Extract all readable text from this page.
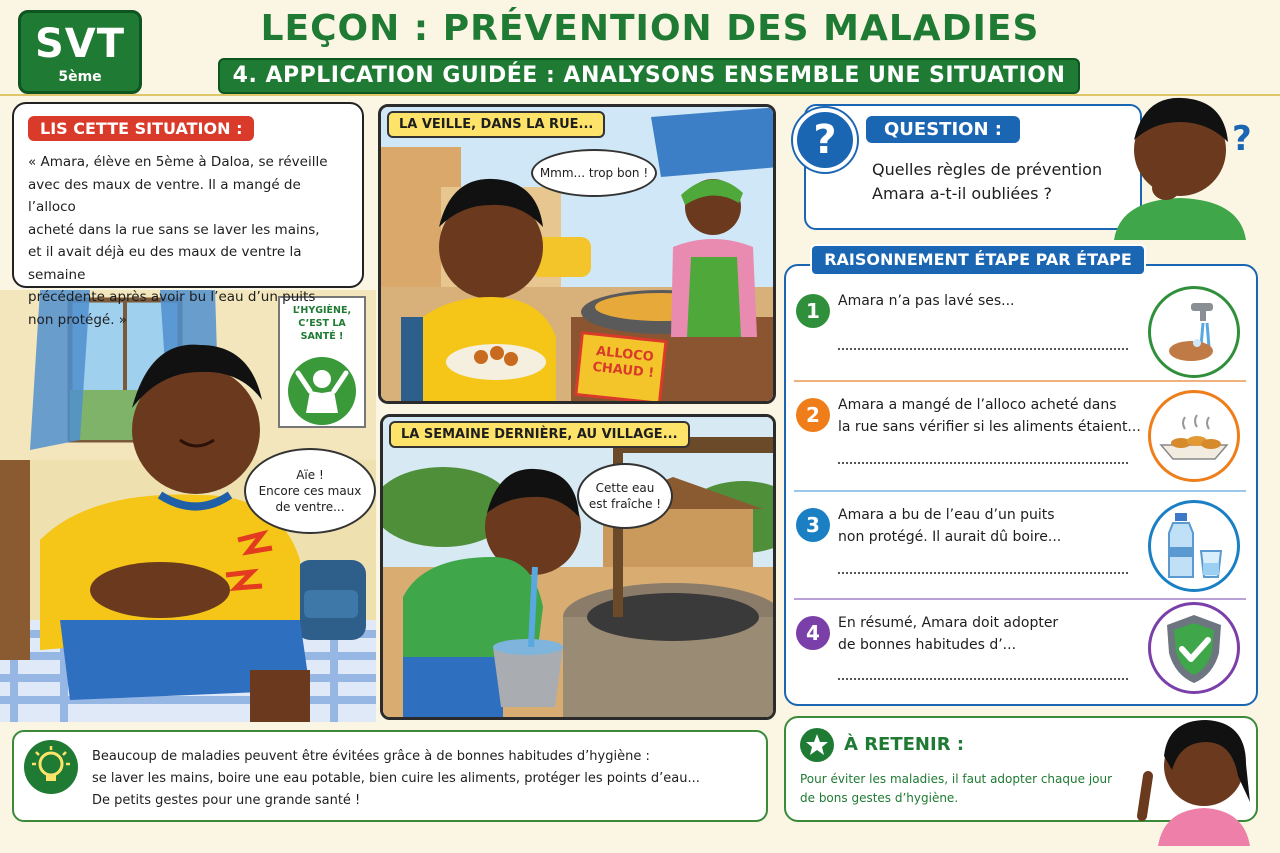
SVT
5ème
LEÇON : PRÉVENTION DES MALADIES
4. APPLICATION GUIDÉE : ANALYSONS ENSEMBLE UNE SITUATION
L’HYGIÈNE,
C’EST LA SANTÉ !
Aïe !
Encore ces maux
de ventre...
LIS CETTE SITUATION :

« Amara, élève en 5ème à Daloa, se réveille
avec des maux de ventre. Il a mangé de l’alloco
acheté dans la rue sans se laver les mains,
et il avait déjà eu des maux de ventre la semaine
précédente après avoir bu l’eau d’un puits
non protégé. »

LA VEILLE, DANS LA RUE...
Mmm... trop bon !
ALLOCO
CHAUD !
LA SEMAINE DERNIÈRE, AU VILLAGE...
Cette eau
est fraîche !
?	QUESTION :
Quelles règles de prévention
Amara a-t-il oubliées ?
?
RAISONNEMENT ÉTAPE PAR ÉTAPE
1	Amara n’a pas lavé ses...
2	Amara a mangé de l’alloco acheté dans
la rue sans vérifier si les aliments étaient...
3	Amara a bu de l’eau d’un puits
non protégé. Il aurait dû boire...
4	En résumé, Amara doit adopter
de bonnes habitudes d’...
Beaucoup de maladies peuvent être évitées grâce à de bonnes habitudes d’hygiène :
se laver les mains, boire une eau potable, bien cuire les aliments, protéger les points d’eau...
De petits gestes pour une grande santé !
À RETENIR :
Pour éviter les maladies, il faut adopter chaque jour
de bons gestes d’hygiène.
